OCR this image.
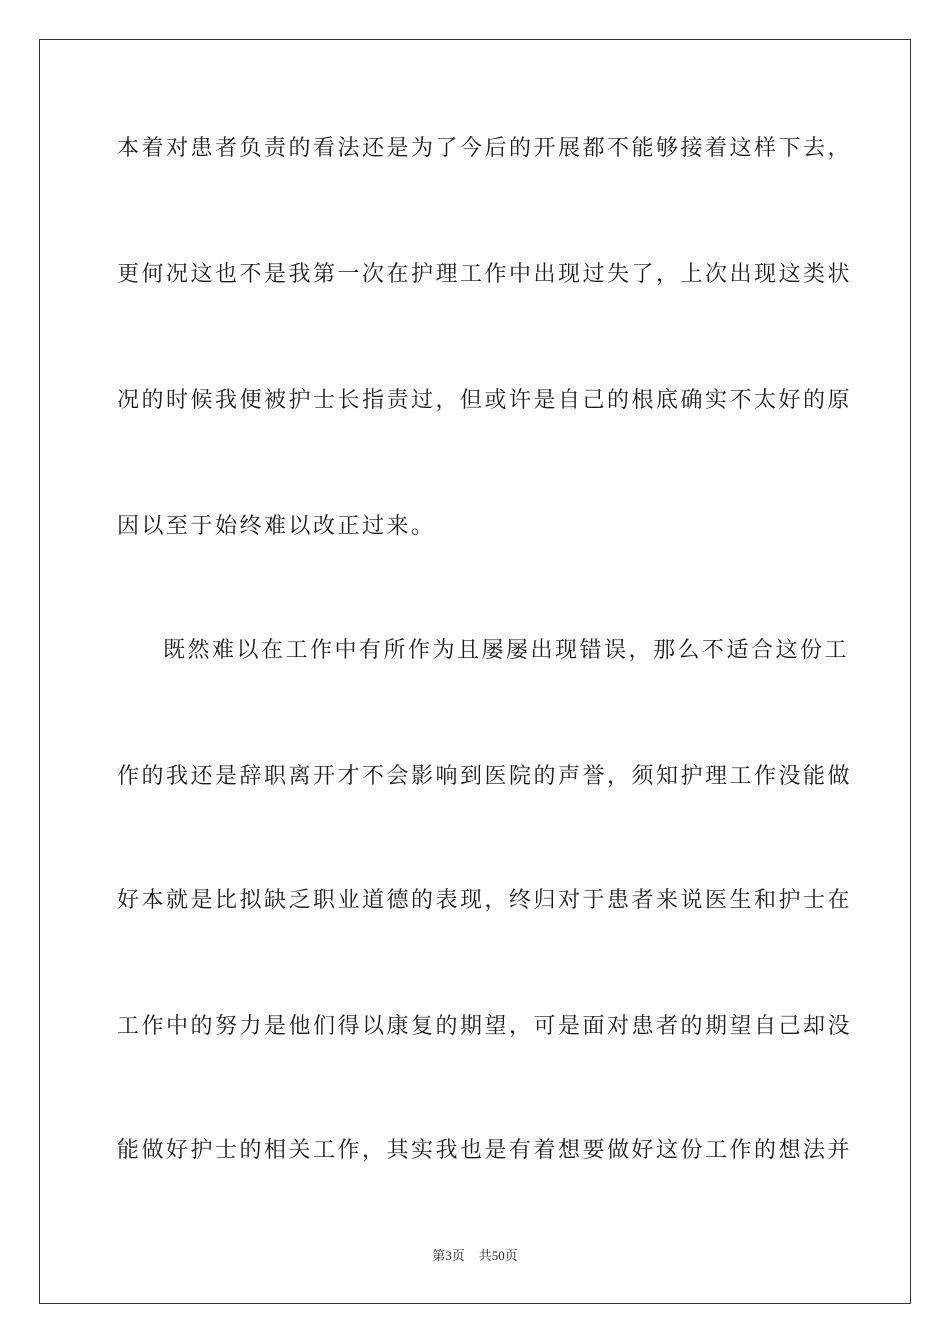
本着对患者负责的看法还是为了今后的开展都不能够接着这样下去，
更何况这也不是我第一次在护理工作中出现过失了，上次出现这类状
况的时候我便被护士长指责过，但或许是自己的根底确实不太好的原
因以至于始终难以改正过来。
既然难以在工作中有所作为且屡屡出现错误，那么不适合这份工
作的我还是辞职离开才不会影响到医院的声誉，须知护理工作没能做
好本就是比拟缺乏职业道德的表现，终归对于患者来说医生和护士在
工作中的努力是他们得以康复的期望，可是面对患者的期望自己却没
能做好护士的相关工作，其实我也是有着想要做好这份工作的想法并
第3页 共50页
